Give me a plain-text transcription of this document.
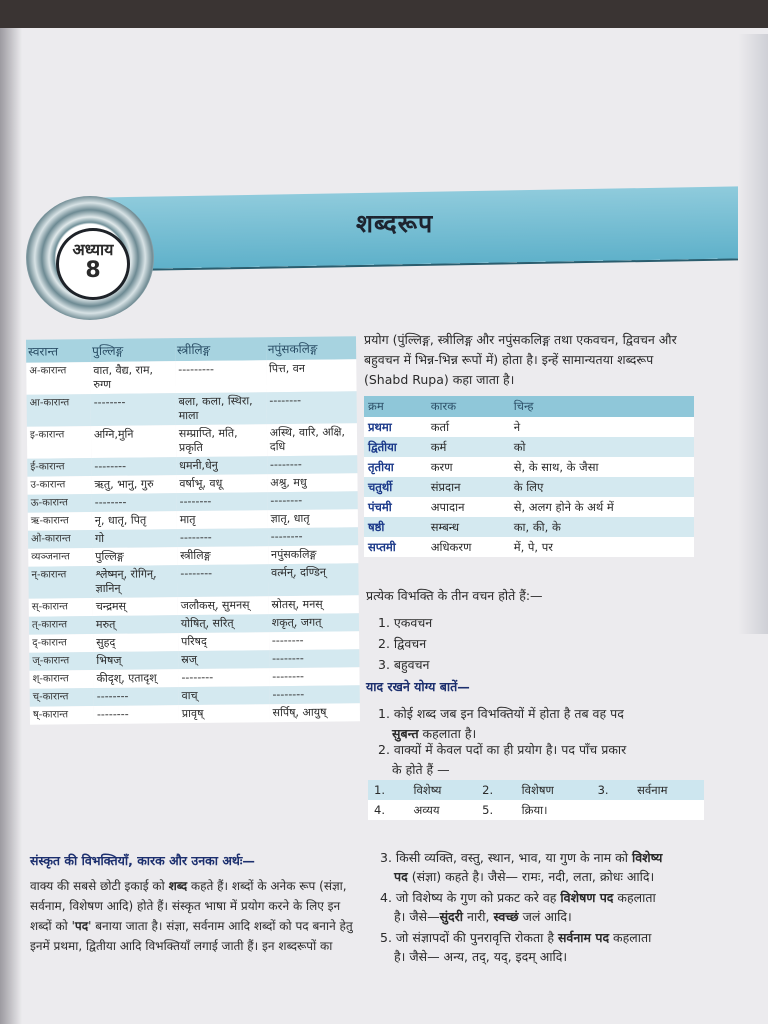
शब्दरूप
अध्याय
8
स्वरान्त	पुल्लिङ्ग	स्त्रीलिङ्ग	नपुंसकलिङ्ग
अ-कारान्त	वात, वैद्य, राम, रुग्ण	---------	पित्त, वन
आ-कारान्त	--------	बला, कला, स्थिरा, माला	--------
इ-कारान्त	अग्नि,मुनि	सम्प्राप्ति, मति, प्रकृति	अस्थि, वारि, अक्षि, दधि
ई-कारान्त	--------	धमनी,धेनु	--------
उ-कारान्त	ऋतु, भानु, गुरु	वर्षाभू, वधू	अश्रु, मधु
ऊ-कारान्त	--------	--------	--------
ऋ-कारान्त	नृ, धातृ, पितृ	मातृ	ज्ञातृ, धातृ
ओ-कारान्त	गो	--------	--------
व्यञ्जनान्त	पुल्लिङ्ग	स्त्रीलिङ्ग	नपुंसकलिङ्ग
न्-कारान्त	श्लेष्मन्, रोगिन्, ज्ञानिन्	--------	वर्त्मन्, दण्डिन्
स्-कारान्त	चन्द्रमस्	जलौकस्, सुमनस्	स्रोतस्, मनस्
त्-कारान्त	मरुत्	योषित्, सरित्	शकृत्, जगत्
द्-कारान्त	सुहद्	परिषद्	--------
ज्-कारान्त	भिषज्	स्रज्	--------
श्-कारान्त	कीदृश्, एतादृश्	--------	--------
च्-कारान्त	--------	वाच्	--------
ष्-कारान्त	--------	प्रावृष्	सर्पिष्, आयुष्
प्रयोग (पुंल्लिङ्ग, स्त्रीलिङ्ग और नपुंसकलिङ्ग तथा एकवचन, द्विवचन और बहुवचन में भिन्न-भिन्न रूपों में) होता है। इन्हें सामान्यतया शब्दरूप (Shabd Rupa) कहा जाता है।
क्रम	कारक	चिन्ह
प्रथमा	कर्ता	ने
द्वितीया	कर्म	को
तृतीया	करण	से, के साथ, के जैसा
चतुर्थी	संप्रदान	के लिए
पंचमी	अपादान	से, अलग होने के अर्थ में
षष्ठी	सम्बन्ध	का, की, के
सप्तमी	अधिकरण	में, पे, पर
प्रत्येक विभक्ति के तीन वचन होते हैं:—
1. एकवचन
2. द्विवचन
3. बहुवचन
याद रखने योग्य बातें—
1. कोई शब्द जब इन विभक्तियों में होता है तब वह पद
सुबन्त कहलाता है।
2. वाक्यों में केवल पदों का ही प्रयोग है। पद पाँच प्रकार
के होते हैं —
1.	विशेष्य	2.	विशेषण	3.	सर्वनाम
4.	अव्यय	5.	क्रिया।		
3. किसी व्यक्ति, वस्तु, स्थान, भाव, या गुण के नाम को विशेष्य
पद (संज्ञा) कहते है। जैसे— रामः, नदी, लता, क्रोधः आदि।
4. जो विशेष्य के गुण को प्रकट करे वह विशेषण पद कहलाता
है। जैसे—सुंदरी नारी, स्वच्छं जलं आदि।
5. जो संज्ञापदों की पुनरावृत्ति रोकता है सर्वनाम पद कहलाता
है। जैसे— अन्य, तद्, यद्, इदम् आदि।
संस्कृत की विभक्तियाँ, कारक और उनका अर्थः—
वाक्य की सबसे छोटी इकाई को शब्द कहते हैं। शब्दों के अनेक रूप (संज्ञा, सर्वनाम, विशेषण आदि) होते हैं। संस्कृत भाषा में प्रयोग करने के लिए इन शब्दों को 'पद' बनाया जाता है। संज्ञा, सर्वनाम आदि शब्दों को पद बनाने हेतु इनमें प्रथमा, द्वितीया आदि विभक्तियाँ लगाई जाती हैं। इन शब्दरूपों का
